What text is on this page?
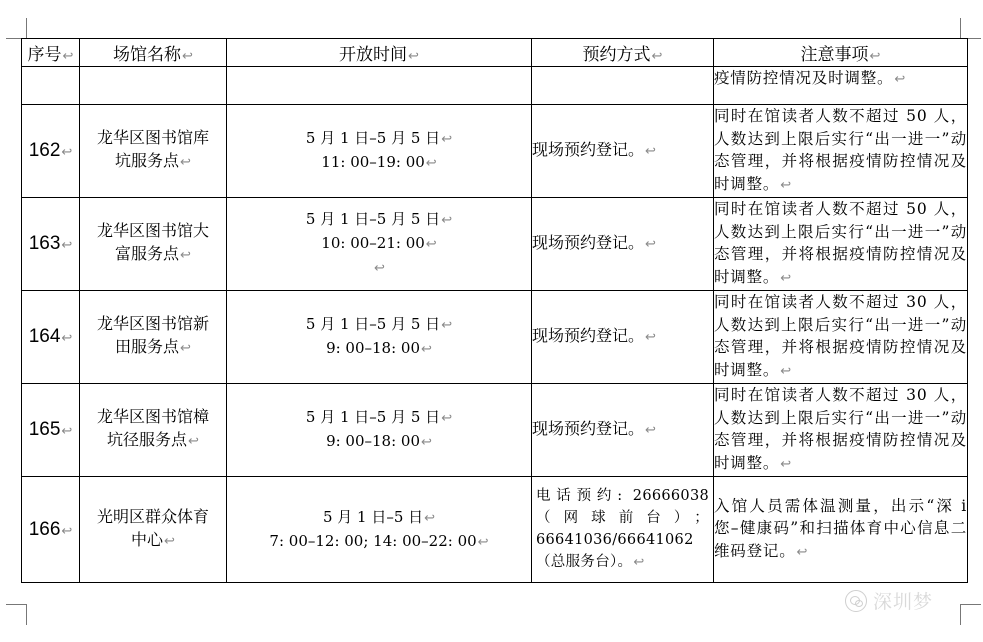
序号↩	场馆名称↩	开放时间↩	预约方式↩	注意事项↩
				疫情防控情况及时调整。↩
162↩	龙华区图书馆库
坑服务点↩	5 月 1 日–5 月 5 日↩
11: 00–19: 00↩	现场预约登记。↩	同时在馆读者人数不超过 50 人，人数达到上限后实行“出一进一”动态管理，并将根据疫情防控情况及时调整。↩
163↩	龙华区图书馆大
富服务点↩	5 月 1 日–5 月 5 日↩
10: 00–21: 00↩
↩	现场预约登记。↩	同时在馆读者人数不超过 50 人，人数达到上限后实行“出一进一”动态管理，并将根据疫情防控情况及时调整。↩
164↩	龙华区图书馆新
田服务点↩	5 月 1 日–5 月 5 日↩
9: 00–18: 00↩	现场预约登记。↩	同时在馆读者人数不超过 30 人，人数达到上限后实行“出一进一”动态管理，并将根据疫情防控情况及时调整。↩
165↩	龙华区图书馆樟
坑径服务点↩	5 月 1 日–5 月 5 日↩
9: 00–18: 00↩	现场预约登记。↩	同时在馆读者人数不超过 30 人，人数达到上限后实行“出一进一”动态管理，并将根据疫情防控情况及时调整。↩
166↩	光明区群众体育
中心↩	5 月 1 日–5 日↩
7: 00–12: 00; 14: 00–22: 00↩	电话预约: 26666038（网球前台）；66641036/66641062（总服务台）。↩	入馆人员需体温测量，出示“深 i 您–健康码”和扫描体育中心信息二维码登记。↩
深圳梦
